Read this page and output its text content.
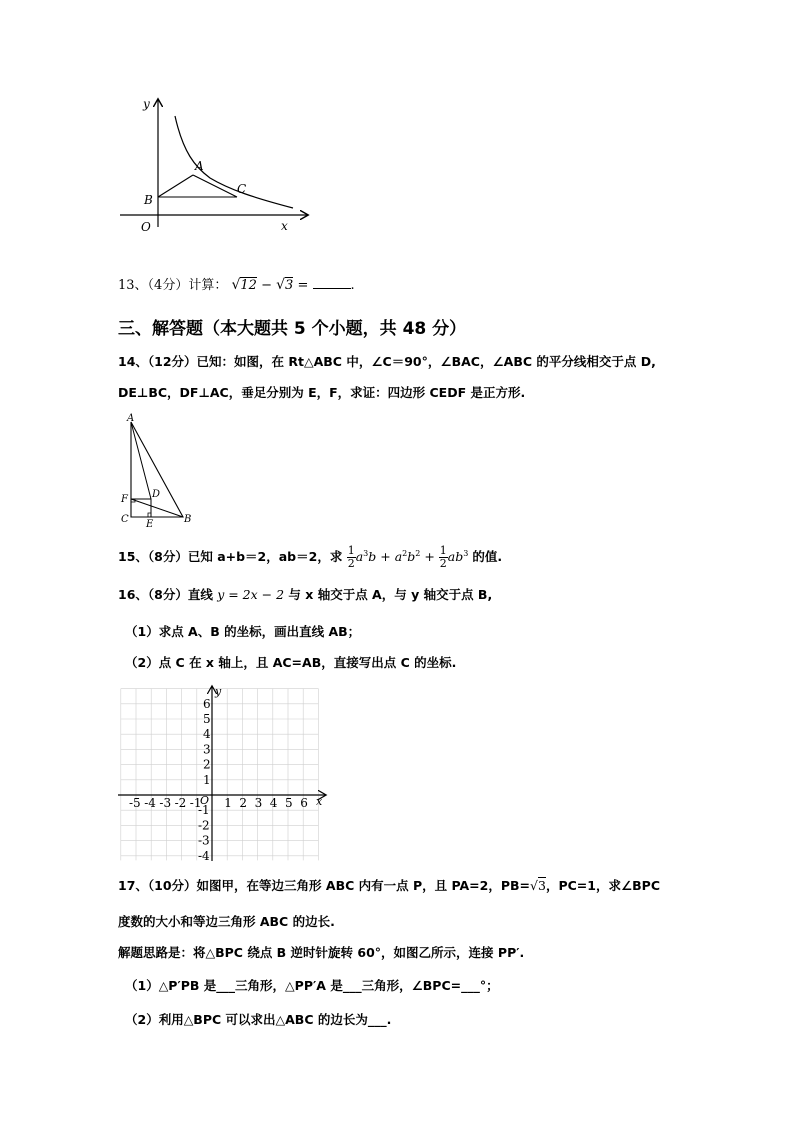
y
x
O
A
B
C
13、（4分）计算： √12 − √3 =	.
三、解答题（本大题共 5 个小题，共 48 分）
14、（12分）已知：如图，在 Rt△ABC 中，∠C＝90°，∠BAC，∠ABC 的平分线相交于点 D,
DE⊥BC，DF⊥AC，垂足分别为 E，F，求证：四边形 CEDF 是正方形.
A
F D
C E	B
15、（8分）已知 a+b＝2，ab＝2，求 $\frac{1}{2} a^3b + a^2b^2 + \frac{1}{2} ab^3$ 的值.
16、（8分）直线 y = 2x − 2 与 x 轴交于点 A，与 y 轴交于点 B,
（1）求点 A、B 的坐标，画出直线 AB；
（2）点 C 在 x 轴上，且 AC=AB，直接写出点 C 的坐标.
-5 -4 -3 -2 -1 1 2 3 4 5 6
6
5
4
3
2
1
-1
-2
-3
-4
x
y
O
17、（10分）如图甲，在等边三角形 ABC 内有一点 P，且 PA=2，PB=√3，PC=1，求∠BPC
度数的大小和等边三角形 ABC 的边长.
解题思路是：将△BPC 绕点 B 逆时针旋转 60°，如图乙所示，连接 PP′.
（1）△P′PB 是___三角形，△PP′A 是___三角形，∠BPC=___°；
（2）利用△BPC 可以求出△ABC 的边长为___.
